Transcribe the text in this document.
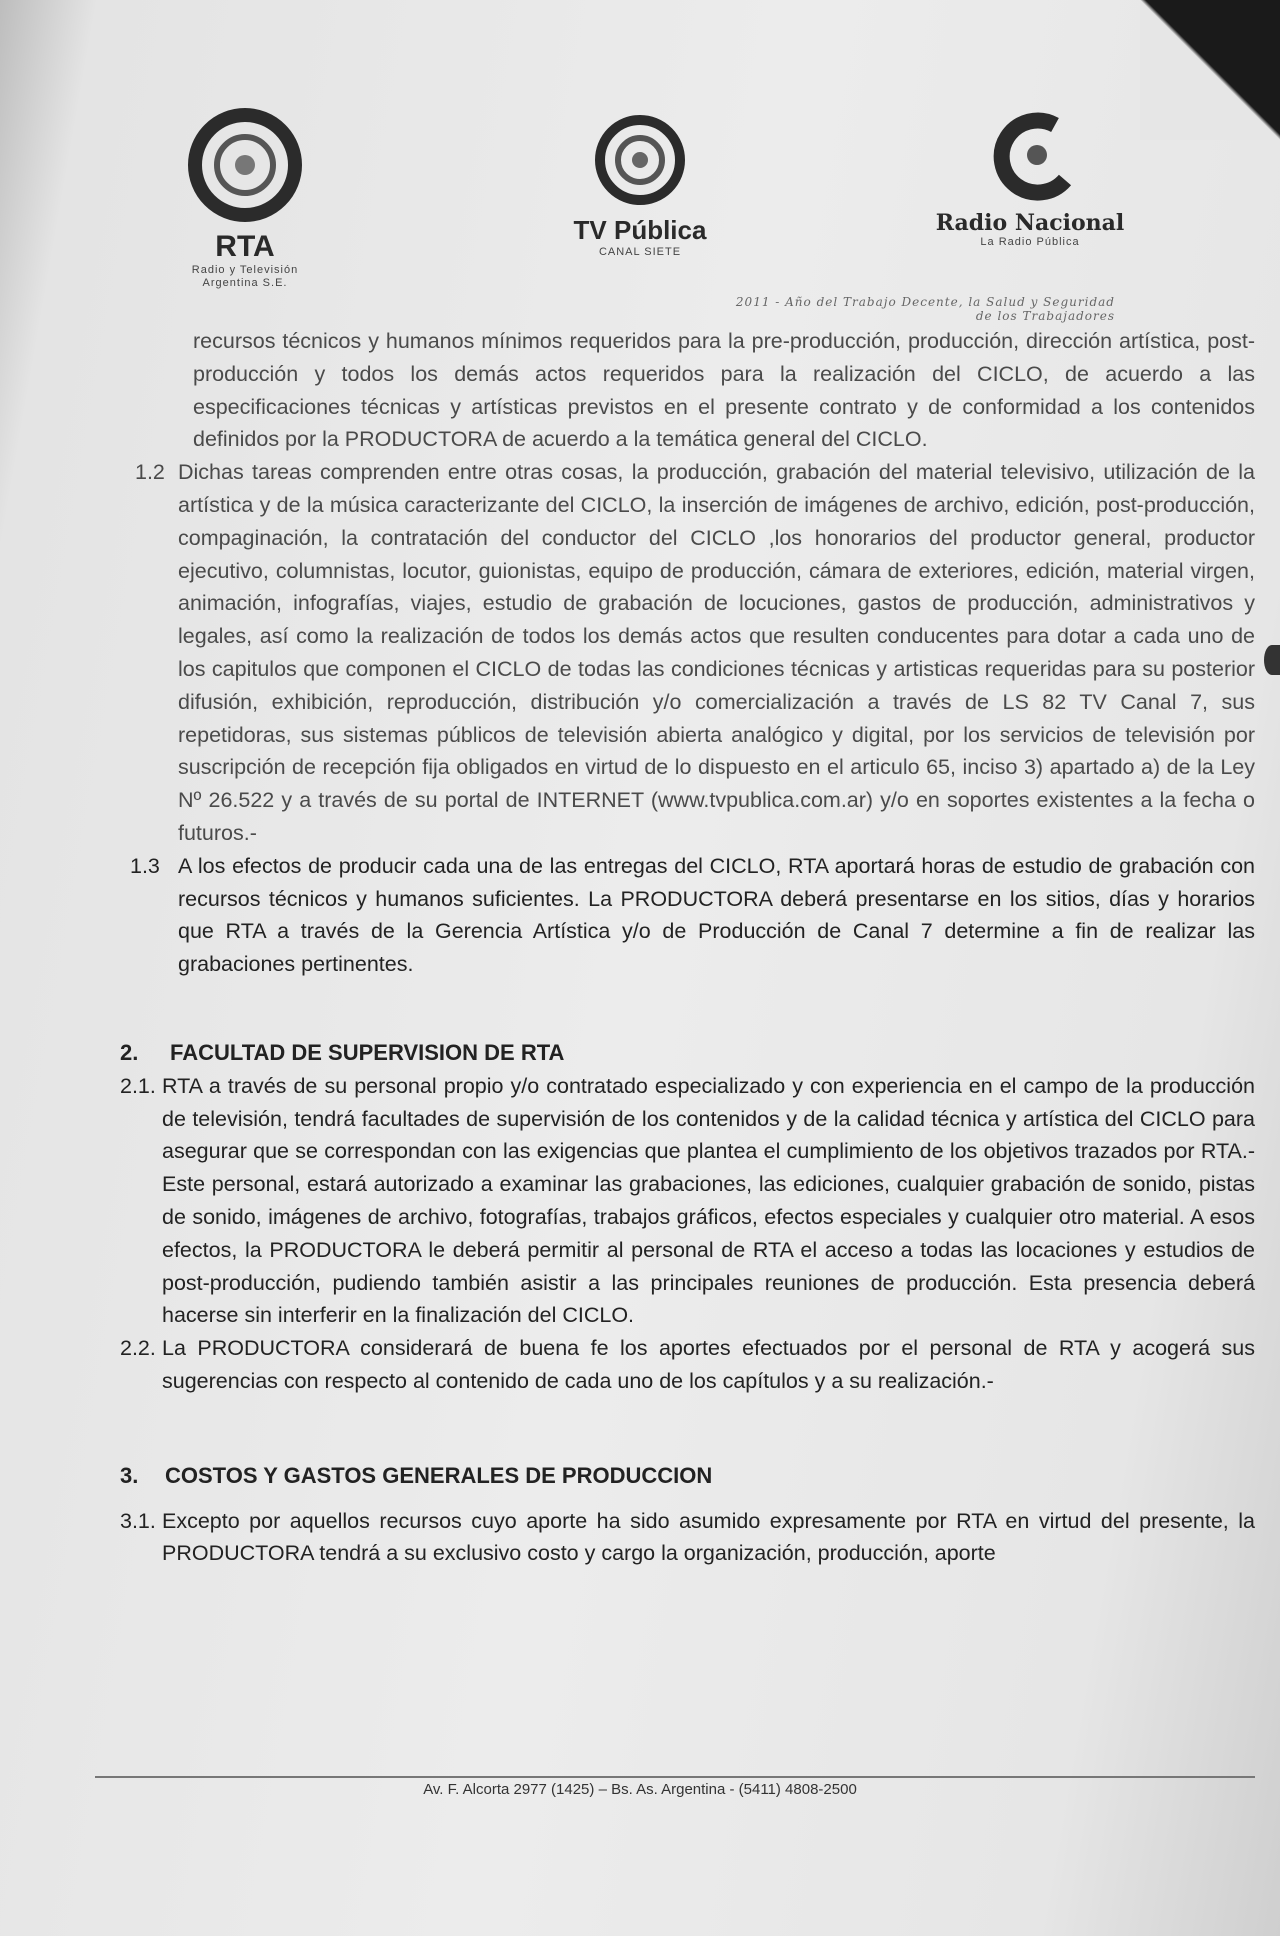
RTA
Radio y Televisión
Argentina S.E.
TV Pública
CANAL SIETE
Radio Nacional
La Radio Pública
2011 - Año del Trabajo Decente, la Salud y Seguridad de los Trabajadores
recursos técnicos y humanos mínimos requeridos para la pre-producción, producción, dirección artística, post-producción y todos los demás actos requeridos para la realización del CICLO, de acuerdo a las especificaciones técnicas y artísticas previstos en el presente contrato y de conformidad a los contenidos definidos por la PRODUCTORA de acuerdo a la temática general del CICLO.
1.2 Dichas tareas comprenden entre otras cosas, la producción, grabación del material televisivo, utilización de la artística y de la música caracterizante del CICLO, la inserción de imágenes de archivo, edición, post-producción, compaginación, la contratación del conductor del CICLO ,los honorarios del productor general, productor ejecutivo, columnistas, locutor, guionistas, equipo de producción, cámara de exteriores, edición, material virgen, animación, infografías, viajes, estudio de grabación de locuciones, gastos de producción, administrativos y legales, así como la realización de todos los demás actos que resulten conducentes para dotar a cada uno de los capitulos que componen el CICLO de todas las condiciones técnicas y artisticas requeridas para su posterior difusión, exhibición, reproducción, distribución y/o comercialización a través de LS 82 TV Canal 7, sus repetidoras, sus sistemas públicos de televisión abierta analógico y digital, por los servicios de televisión por suscripción de recepción fija obligados en virtud de lo dispuesto en el articulo 65, inciso 3) apartado a) de la Ley Nº 26.522 y a través de su portal de INTERNET (www.tvpublica.com.ar) y/o en soportes existentes a la fecha o futuros.-
1.3 A los efectos de producir cada una de las entregas del CICLO, RTA aportará horas de estudio de grabación con recursos técnicos y humanos suficientes. La PRODUCTORA deberá presentarse en los sitios, días y horarios que RTA a través de la Gerencia Artística y/o de Producción de Canal 7 determine a fin de realizar las grabaciones pertinentes.
2.	FACULTAD DE SUPERVISION DE RTA
2.1. RTA a través de su personal propio y/o contratado especializado y con experiencia en el campo de la producción de televisión, tendrá facultades de supervisión de los contenidos y de la calidad técnica y artística del CICLO para asegurar que se correspondan con las exigencias que plantea el cumplimiento de los objetivos trazados por RTA.- Este personal, estará autorizado a examinar las grabaciones, las ediciones, cualquier grabación de sonido, pistas de sonido, imágenes de archivo, fotografías, trabajos gráficos, efectos especiales y cualquier otro material. A esos efectos, la PRODUCTORA le deberá permitir al personal de RTA el acceso a todas las locaciones y estudios de post-producción, pudiendo también asistir a las principales reuniones de producción. Esta presencia deberá hacerse sin interferir en la finalización del CICLO.
2.2. La PRODUCTORA considerará de buena fe los aportes efectuados por el personal de RTA y acogerá sus sugerencias con respecto al contenido de cada uno de los capítulos y a su realización.-
3.	COSTOS Y GASTOS GENERALES DE PRODUCCION
3.1. Excepto por aquellos recursos cuyo aporte ha sido asumido expresamente por RTA en virtud del presente, la PRODUCTORA tendrá a su exclusivo costo y cargo la organización, producción, aporte
Av. F. Alcorta 2977 (1425) – Bs. As. Argentina - (5411) 4808-2500
